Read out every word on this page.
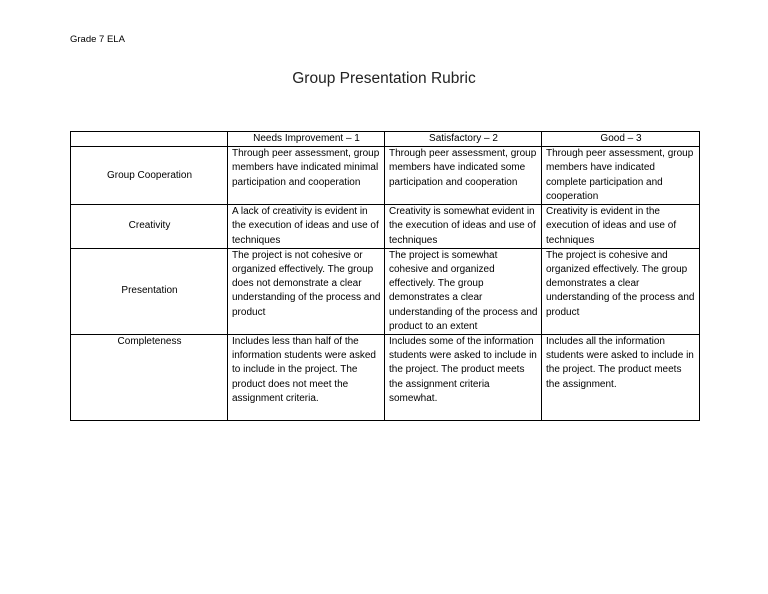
Grade 7 ELA
Group Presentation Rubric
	Needs Improvement – 1	Satisfactory – 2	Good – 3
Group Cooperation	Through peer assessment, group members have indicated minimal participation and cooperation	Through peer assessment, group members have indicated some participation and cooperation	Through peer assessment, group members have indicated complete participation and cooperation
Creativity	A lack of creativity is evident in the execution of ideas and use of techniques	Creativity is somewhat evident in the execution of ideas and use of techniques	Creativity is evident in the execution of ideas and use of techniques
Presentation	The project is not cohesive or organized effectively. The group does not demonstrate a clear understanding of the process and product	The project is somewhat cohesive and organized effectively. The group demonstrates a clear understanding of the process and product to an extent	The project is cohesive and organized effectively. The group demonstrates a clear understanding of the process and product
Completeness	Includes less than half of the information students were asked to include in the project. The product does not meet the assignment criteria.	Includes some of the information students were asked to include in the project. The product meets the assignment criteria somewhat.	Includes all the information students were asked to include in the project. The product meets the assignment.
